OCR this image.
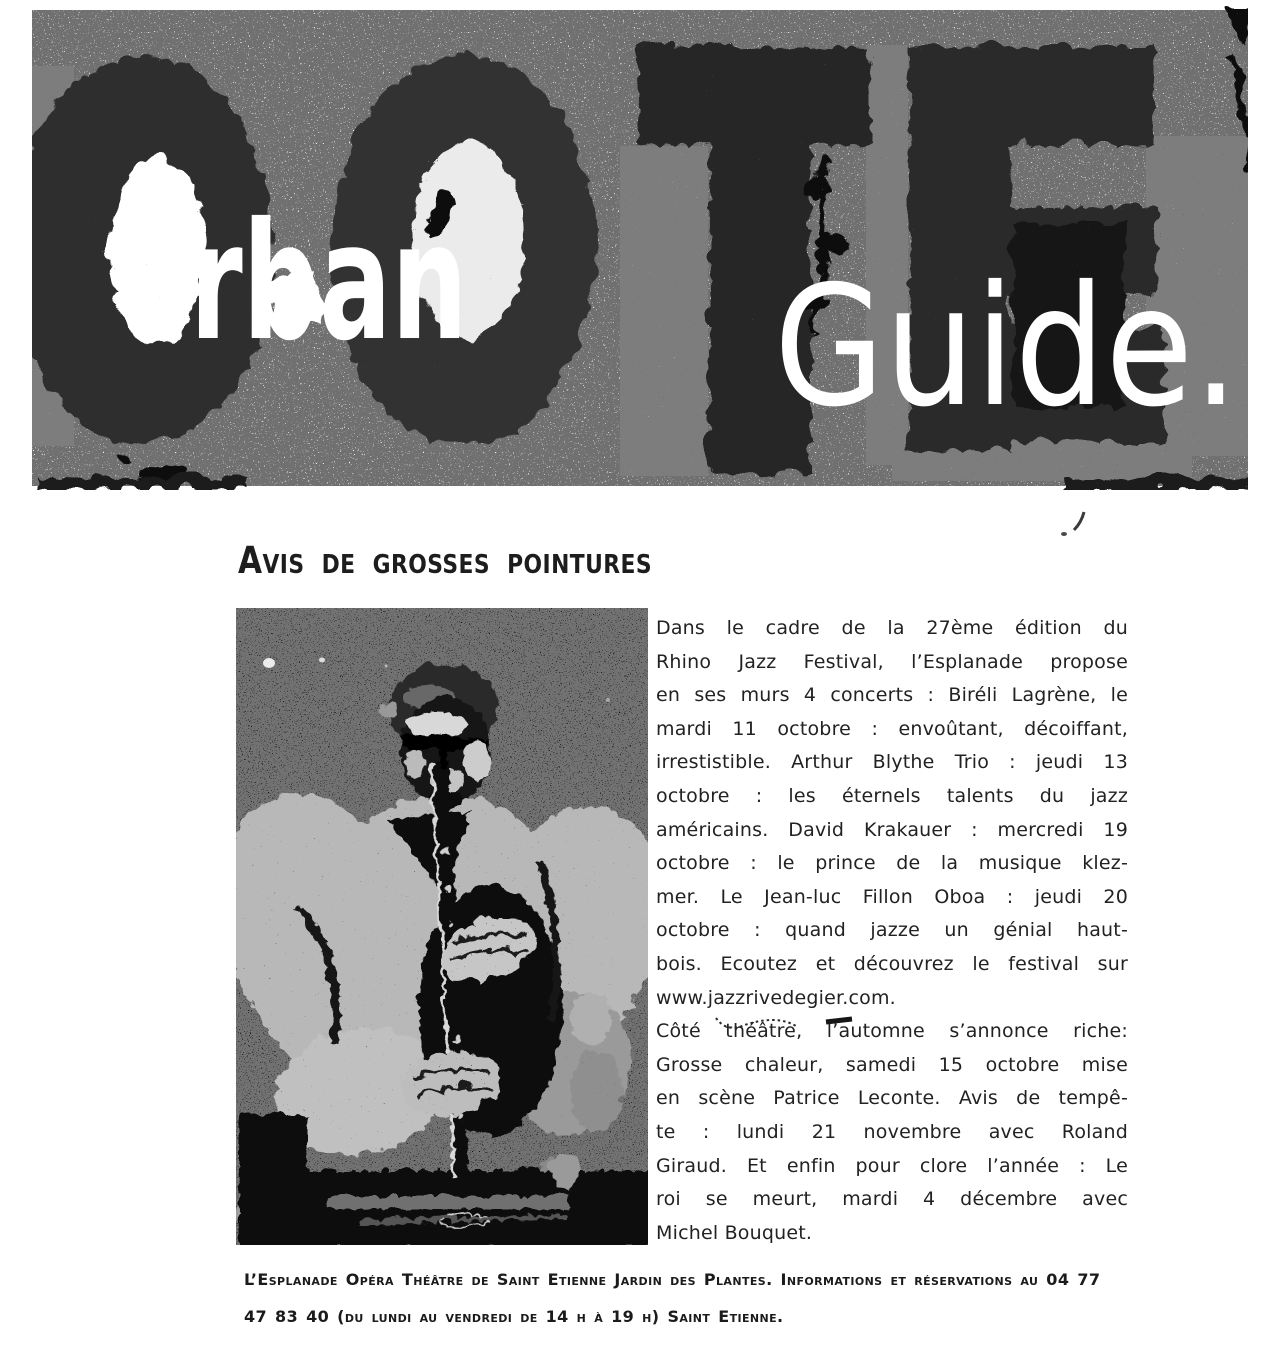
rban Guide.
Avis de grosses pointures
Dans le cadre de la 27ème édition du
Rhino Jazz Festival, l’Esplanade propose
en ses murs 4 concerts : Biréli Lagrène, le
mardi 11 octobre : envoûtant, décoiffant,
irrestistible. Arthur Blythe Trio : jeudi 13
octobre : les éternels talents du jazz
américains. David Krakauer : mercredi 19
octobre : le prince de la musique klez-
mer. Le Jean-luc Fillon Oboa : jeudi 20
octobre : quand jazze un génial haut-
bois. Ecoutez et découvrez le festival sur
www.jazzrivedegier.com.
Côté théâtre, l’automne s’annonce riche:
Grosse chaleur, samedi 15 octobre mise
en scène Patrice Leconte. Avis de tempê-
te : lundi 21 novembre avec Roland
Giraud. Et enfin pour clore l’année : Le
roi se meurt, mardi 4 décembre avec
Michel Bouquet.
L’Esplanade Opéra Théâtre de Saint Etienne Jardin des Plantes. Informations et réservations au 04 77
47 83 40 (du lundi au vendredi de 14 h à 19 h) Saint Etienne.
